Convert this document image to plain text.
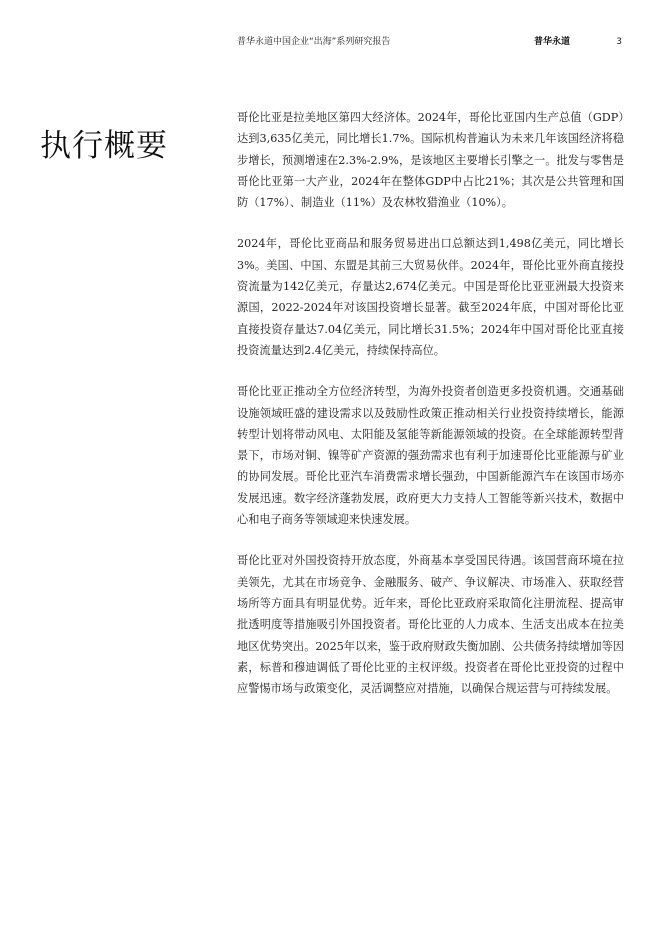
普华永道中国企业“出海”系列研究报告	普华永道	3
执行概要

哥伦比亚是拉美地区第四大经济体。2024年，哥伦比亚国内生产总值（GDP）达到3,635亿美元，同比增长1.7%。国际机构普遍认为未来几年该国经济将稳步增长，预测增速在2.3%-2.9%，是该地区主要增长引擎之一。批发与零售是哥伦比亚第一大产业，2024年在整体GDP中占比21%；其次是公共管理和国防（17%）、制造业（11%）及农林牧猎渔业（10%）。

2024年，哥伦比亚商品和服务贸易进出口总额达到1,498亿美元，同比增长3%。美国、中国、东盟是其前三大贸易伙伴。2024年，哥伦比亚外商直接投资流量为142亿美元，存量达2,674亿美元。中国是哥伦比亚亚洲最大投资来源国，2022-2024年对该国投资增长显著。截至2024年底，中国对哥伦比亚直接投资存量达7.04亿美元，同比增长31.5%；2024年中国对哥伦比亚直接投资流量达到2.4亿美元，持续保持高位。

哥伦比亚正推动全方位经济转型，为海外投资者创造更多投资机遇。交通基础设施领域旺盛的建设需求以及鼓励性政策正推动相关行业投资持续增长，能源转型计划将带动风电、太阳能及氢能等新能源领域的投资。在全球能源转型背景下，市场对铜、镍等矿产资源的强劲需求也有利于加速哥伦比亚能源与矿业的协同发展。哥伦比亚汽车消费需求增长强劲，中国新能源汽车在该国市场亦发展迅速。数字经济蓬勃发展，政府更大力支持人工智能等新兴技术，数据中心和电子商务等领域迎来快速发展。

哥伦比亚对外国投资持开放态度，外商基本享受国民待遇。该国营商环境在拉美领先，尤其在市场竞争、金融服务、破产、争议解决、市场准入、获取经营场所等方面具有明显优势。近年来，哥伦比亚政府采取简化注册流程、提高审批透明度等措施吸引外国投资者。哥伦比亚的人力成本、生活支出成本在拉美地区优势突出。2025年以来，鉴于政府财政失衡加剧、公共债务持续增加等因素，标普和穆迪调低了哥伦比亚的主权评级。投资者在哥伦比亚投资的过程中应警惕市场与政策变化，灵活调整应对措施，以确保合规运营与可持续发展。
